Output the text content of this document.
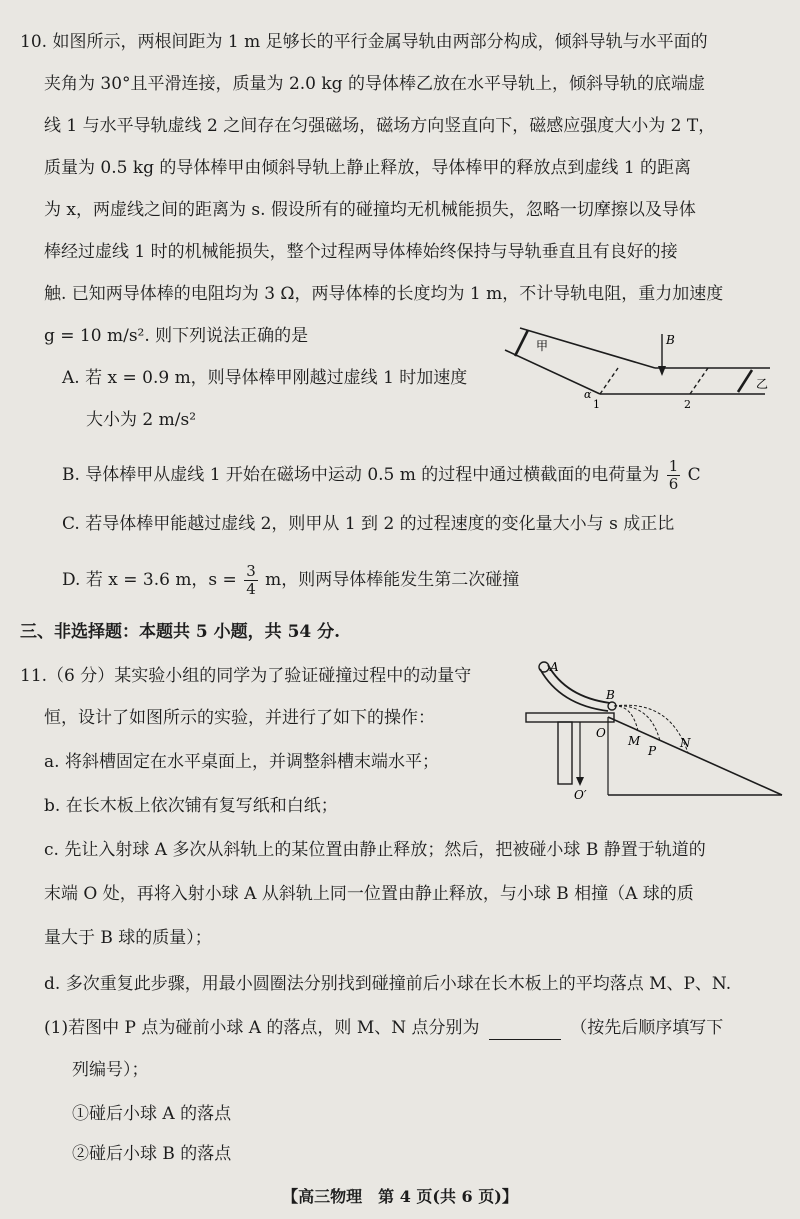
10. 如图所示，两根间距为 1 m 足够长的平行金属导轨由两部分构成，倾斜导轨与水平面的
夹角为 30°且平滑连接，质量为 2.0 kg 的导体棒乙放在水平导轨上，倾斜导轨的底端虚
线 1 与水平导轨虚线 2 之间存在匀强磁场，磁场方向竖直向下，磁感应强度大小为 2 T，
质量为 0.5 kg 的导体棒甲由倾斜导轨上静止释放，导体棒甲的释放点到虚线 1 的距离
为 x，两虚线之间的距离为 s. 假设所有的碰撞均无机械能损失，忽略一切摩擦以及导体
棒经过虚线 1 时的机械能损失，整个过程两导体棒始终保持与导轨垂直且有良好的接
触. 已知两导体棒的电阻均为 3 Ω，两导体棒的长度均为 1 m，不计导轨电阻，重力加速度
g = 10 m/s². 则下列说法正确的是	甲
乙
B
α
1	2
A. 若 x = 0.9 m，则导体棒甲刚越过虚线 1 时加速度
大小为 2 m/s²
B. 导体棒甲从虚线 1 开始在磁场中运动 0.5 m 的过程中通过横截面的电荷量为 $\frac{1}{6}$ C
C. 若导体棒甲能越过虚线 2，则甲从 1 到 2 的过程速度的变化量大小与 s 成正比
D. 若 x = 3.6 m，$s = \frac{3}{4}$ m，则两导体棒能发生第二次碰撞
三、非选择题：本题共 5 小题，共 54 分.
11.（6 分）某实验小组的同学为了验证碰撞过程中的动量守
恒，设计了如图所示的实验，并进行了如下的操作：
A
B
O
M
P
N
O′
a. 将斜槽固定在水平桌面上，并调整斜槽末端水平；
b. 在长木板上依次铺有复写纸和白纸；
c. 先让入射球 A 多次从斜轨上的某位置由静止释放；然后，把被碰小球 B 静置于轨道的
末端 O 处，再将入射小球 A 从斜轨上同一位置由静止释放，与小球 B 相撞（A 球的质
量大于 B 球的质量）；
d. 多次重复此步骤，用最小圆圈法分别找到碰撞前后小球在长木板上的平均落点 M、P、N.
(1)若图中 P 点为碰前小球 A 的落点，则 M、N 点分别为	（按先后顺序填写下
列编号）；
①碰后小球 A 的落点
②碰后小球 B 的落点
【高三物理　第 4 页(共 6 页)】
